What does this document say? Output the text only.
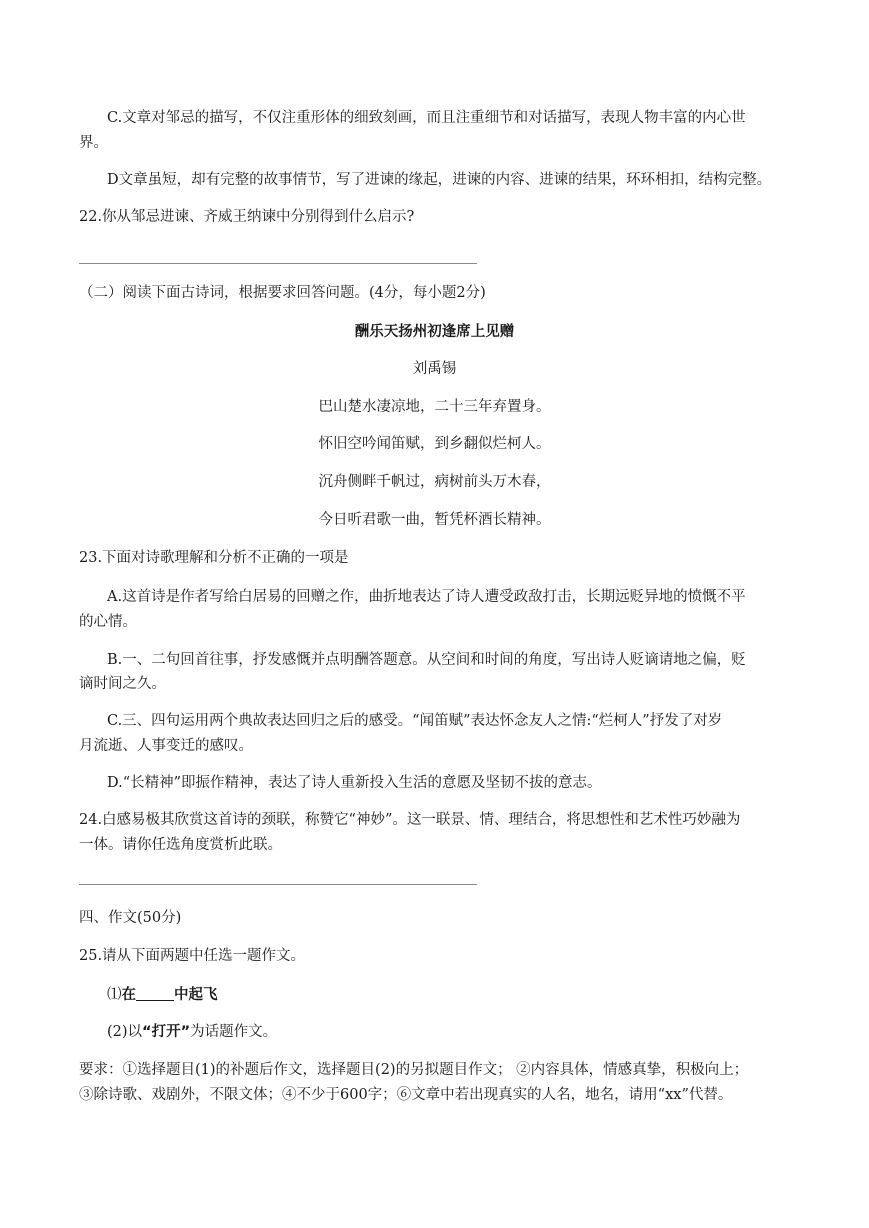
C.文章对邹忌的描写，不仅注重形体的细致刻画，而且注重细节和对话描写，表现人物丰富的内心世
界。
D文章虽短，却有完整的故事情节，写了进谏的缘起，进谏的内容、进谏的结果，环环相扣，结构完整。
22.你从邹忌进谏、齐威王纳谏中分别得到什么启示?
（二）阅读下面古诗词，根据要求回答问题。(4分，每小题2分)
酬乐天扬州初逢席上见赠
刘禹锡
巴山楚水凄凉地，二十三年弃置身。
怀旧空吟闻笛赋，到乡翻似烂柯人。
沉舟侧畔千帆过，病树前头万木春，
今日听君歌一曲，暂凭杯酒长精神。
23.下面对诗歌理解和分析不正确的一项是
A.这首诗是作者写给白居易的回赠之作，曲折地表达了诗人遭受政敌打击，长期远贬异地的愤慨不平
的心情。
B.一、二句回首往事，抒发感慨并点明酬答题意。从空间和时间的角度，写出诗人贬谪请地之偏，贬
谪时间之久。
C.三、四句运用两个典故表达回归之后的感受。“闻笛赋”表达怀念友人之情:“烂柯人”抒发了对岁
月流逝、人事变迁的感叹。
D.“长精神”即振作精神，表达了诗人重新投入生活的意愿及坚韧不拔的意志。
24.白感易极其欣赏这首诗的颈联，称赞它“神妙”。这一联景、情、理结合，将思想性和艺术性巧妙融为
一体。请你任选角度赏析此联。
四、作文(50分)
25.请从下面两题中任选一题作文。
⑴在	中起飞
(2)以“打开”为话题作文。
要求：①选择题目(1)的补题后作文，选择题目(2)的另拟题目作文； ②内容具体，情感真挚，积极向上；
③除诗歌、戏剧外，不限文体；④不少于600字；⑥文章中若出现真实的人名，地名，请用“xx”代替。
